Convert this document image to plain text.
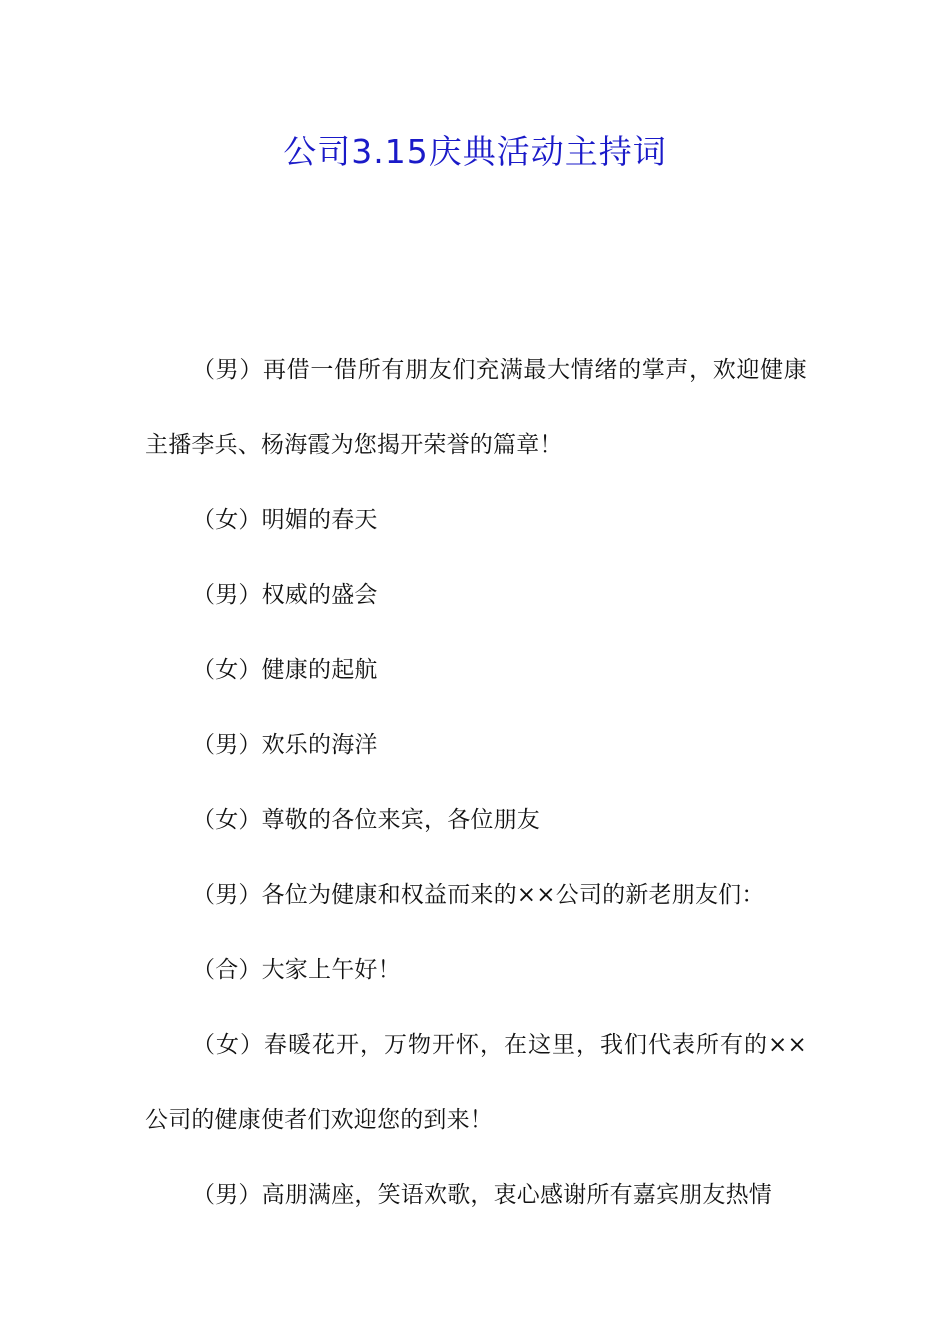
公司3.15庆典活动主持词

（男）再借一借所有朋友们充满最大情绪的掌声，欢迎健康主播李兵、杨海霞为您揭开荣誉的篇章！

（女）明媚的春天

（男）权威的盛会

（女）健康的起航

（男）欢乐的海洋

（女）尊敬的各位来宾，各位朋友

（男）各位为健康和权益而来的××公司的新老朋友们：

（合）大家上午好！

（女）春暖花开，万物开怀，在这里，我们代表所有的××公司的健康使者们欢迎您的到来！

（男）高朋满座，笑语欢歌，衷心感谢所有嘉宾朋友热情
